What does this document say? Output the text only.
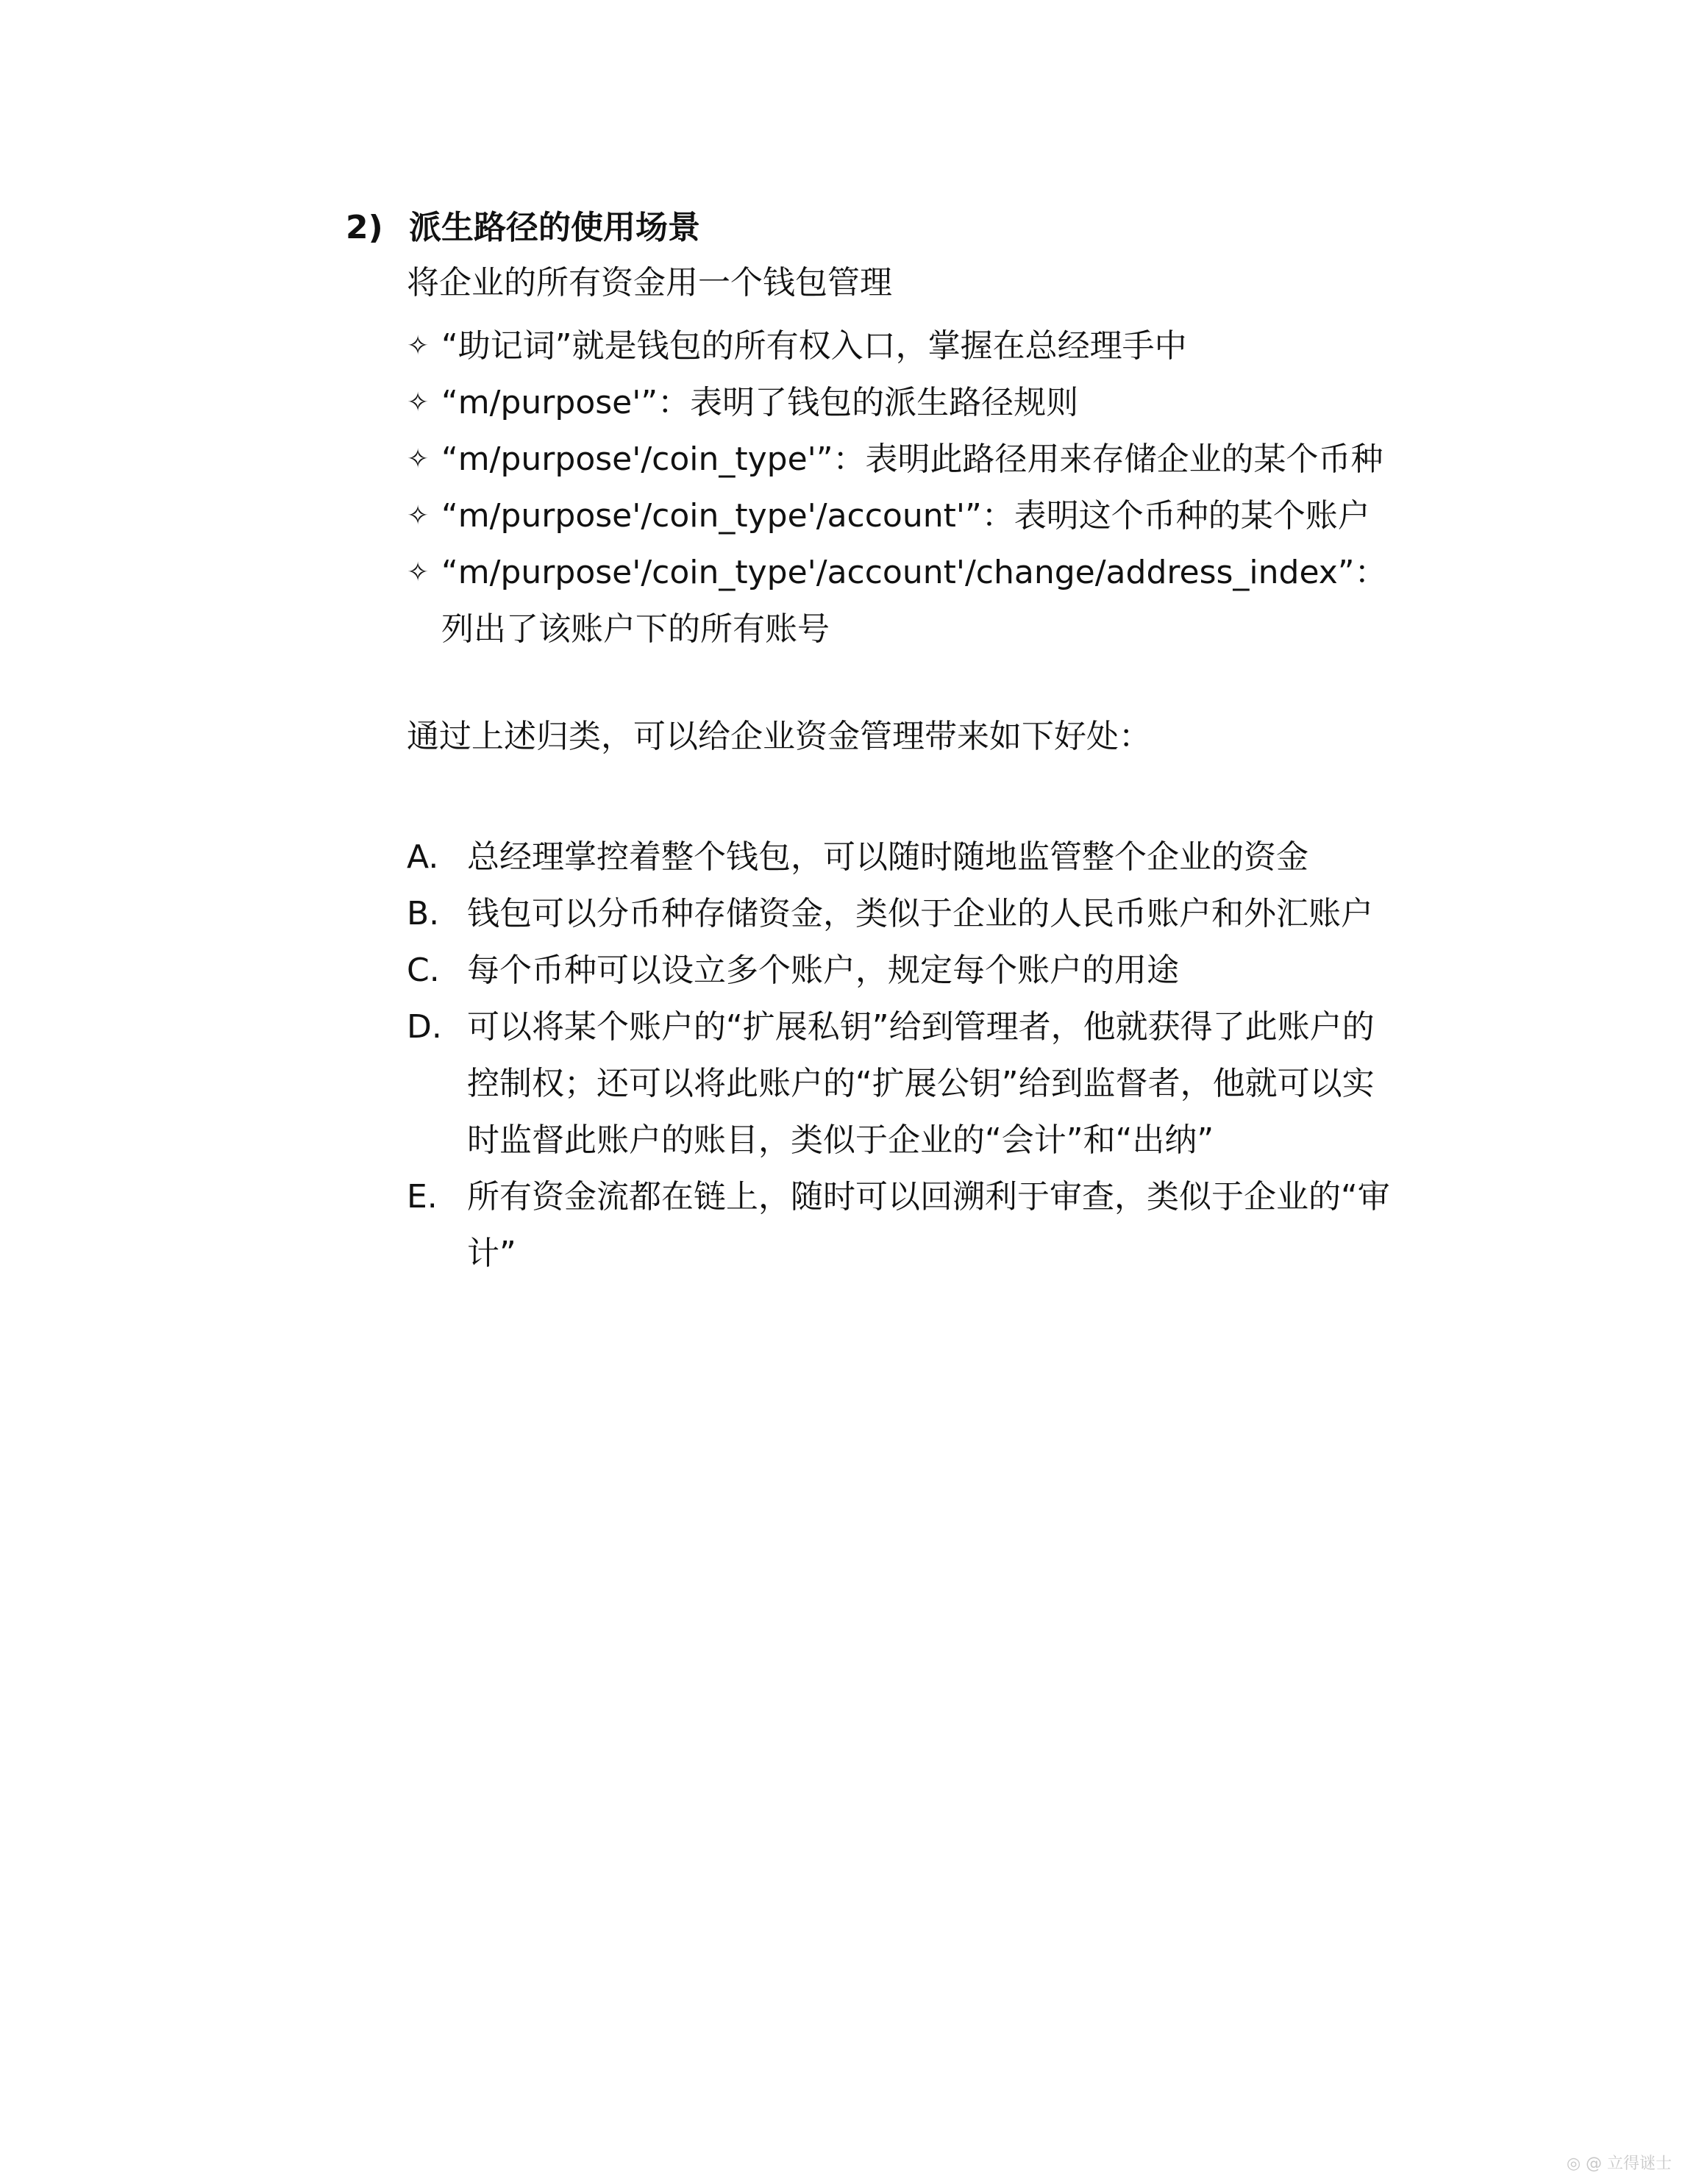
2) 派生路径的使用场景
将企业的所有资金用一个钱包管理
✧ “助记词”就是钱包的所有权入口，掌握在总经理手中
✧ “m/purpose'”：表明了钱包的派生路径规则
✧ “m/purpose'/coin_type'”：表明此路径用来存储企业的某个币种
✧ “m/purpose'/coin_type'/account'”：表明这个币种的某个账户
✧ “m/purpose'/coin_type'/account'/change/address_index”：
列出了该账户下的所有账号
通过上述归类，可以给企业资金管理带来如下好处：
A. 总经理掌控着整个钱包，可以随时随地监管整个企业的资金
B. 钱包可以分币种存储资金，类似于企业的人民币账户和外汇账户
C. 每个币种可以设立多个账户，规定每个账户的用途
D. 可以将某个账户的“扩展私钥”给到管理者，他就获得了此账户的
控制权；还可以将此账户的“扩展公钥”给到监督者，他就可以实
时监督此账户的账目，类似于企业的“会计”和“出纳”
E. 所有资金流都在链上，随时可以回溯利于审查，类似于企业的“审
计”
◎ @ 立得谜士
